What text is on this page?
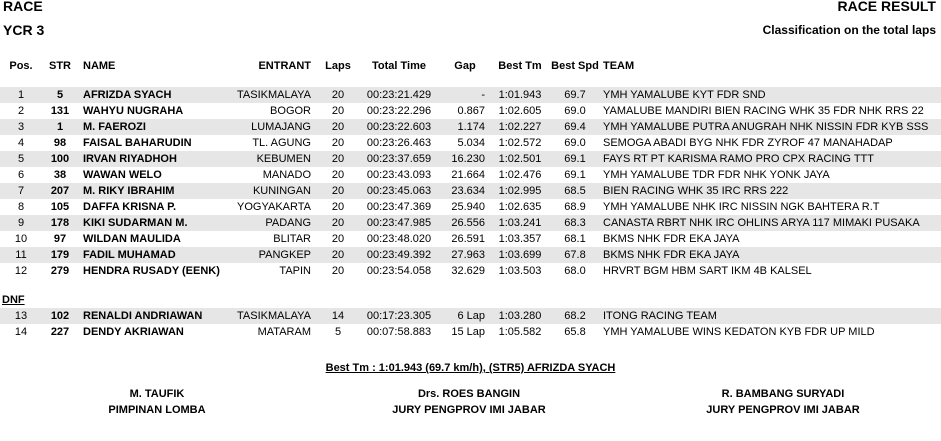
RACE
YCR 3
RACE RESULT
Classification on the total laps
Pos.	STR	NAME	ENTRANT	Laps	Total Time	Gap	Best Tm	Best Spd	TEAM

1	5	AFRIZDA SYACH	TASIKMALAYA	20	00:23:21.429	-	1:01.943	69.7	YMH YAMALUBE KYT FDR SND
2	131	WAHYU NUGRAHA	BOGOR	20	00:23:22.296	0.867	1:02.605	69.0	YAMALUBE MANDIRI BIEN RACING WHK 35 FDR NHK RRS 22
3	1	M. FAEROZI	LUMAJANG	20	00:23:22.603	1.174	1:02.227	69.4	YMH YAMALUBE PUTRA ANUGRAH NHK NISSIN FDR KYB SSS
4	98	FAISAL BAHARUDIN	TL. AGUNG	20	00:23:26.463	5.034	1:02.572	69.0	SEMOGA ABADI BYG NHK FDR ZYROF 47 MANAHADAP
5	100	IRVAN RIYADHOH	KEBUMEN	20	00:23:37.659	16.230	1:02.501	69.1	FAYS RT PT KARISMA RAMO PRO CPX RACING TTT
6	38	WAWAN WELO	MANADO	20	00:23:43.093	21.664	1:02.476	69.1	YMH YAMALUBE TDR FDR NHK YONK JAYA
7	207	M. RIKY IBRAHIM	KUNINGAN	20	00:23:45.063	23.634	1:02.995	68.5	BIEN RACING WHK 35 IRC RRS 222
8	105	DAFFA KRISNA P.	YOGYAKARTA	20	00:23:47.369	25.940	1:02.635	68.9	YMH YAMALUBE NHK IRC NISSIN NGK BAHTERA R.T
9	178	KIKI SUDARMAN M.	PADANG	20	00:23:47.985	26.556	1:03.241	68.3	CANASTA RBRT NHK IRC OHLINS ARYA 117 MIMAKI PUSAKA
10	97	WILDAN MAULIDA	BLITAR	20	00:23:48.020	26.591	1:03.357	68.1	BKMS NHK FDR EKA JAYA
11	179	FADIL MUHAMAD	PANGKEP	20	00:23:49.392	27.963	1:03.699	67.8	BKMS NHK FDR EKA JAYA
12	279	HENDRA RUSADY (EENK)	TAPIN	20	00:23:54.058	32.629	1:03.503	68.0	HRVRT BGM HBM SART IKM 4B KALSEL

DNF									
13	102	RENALDI ANDRIAWAN	TASIKMALAYA	14	00:17:23.305	6 Lap	1:03.280	68.2	ITONG RACING TEAM
14	227	DENDY AKRIAWAN	MATARAM	5	00:07:58.883	15 Lap	1:05.582	65.8	YMH YAMALUBE WINS KEDATON KYB FDR UP MILD
Best Tm : 1:01.943 (69.7 km/h), (STR5) AFRIZDA SYACH
M. TAUFIK
PIMPINAN LOMBA
Drs. ROES BANGIN
JURY PENGPROV IMI JABAR
R. BAMBANG SURYADI
JURY PENGPROV IMI JABAR
